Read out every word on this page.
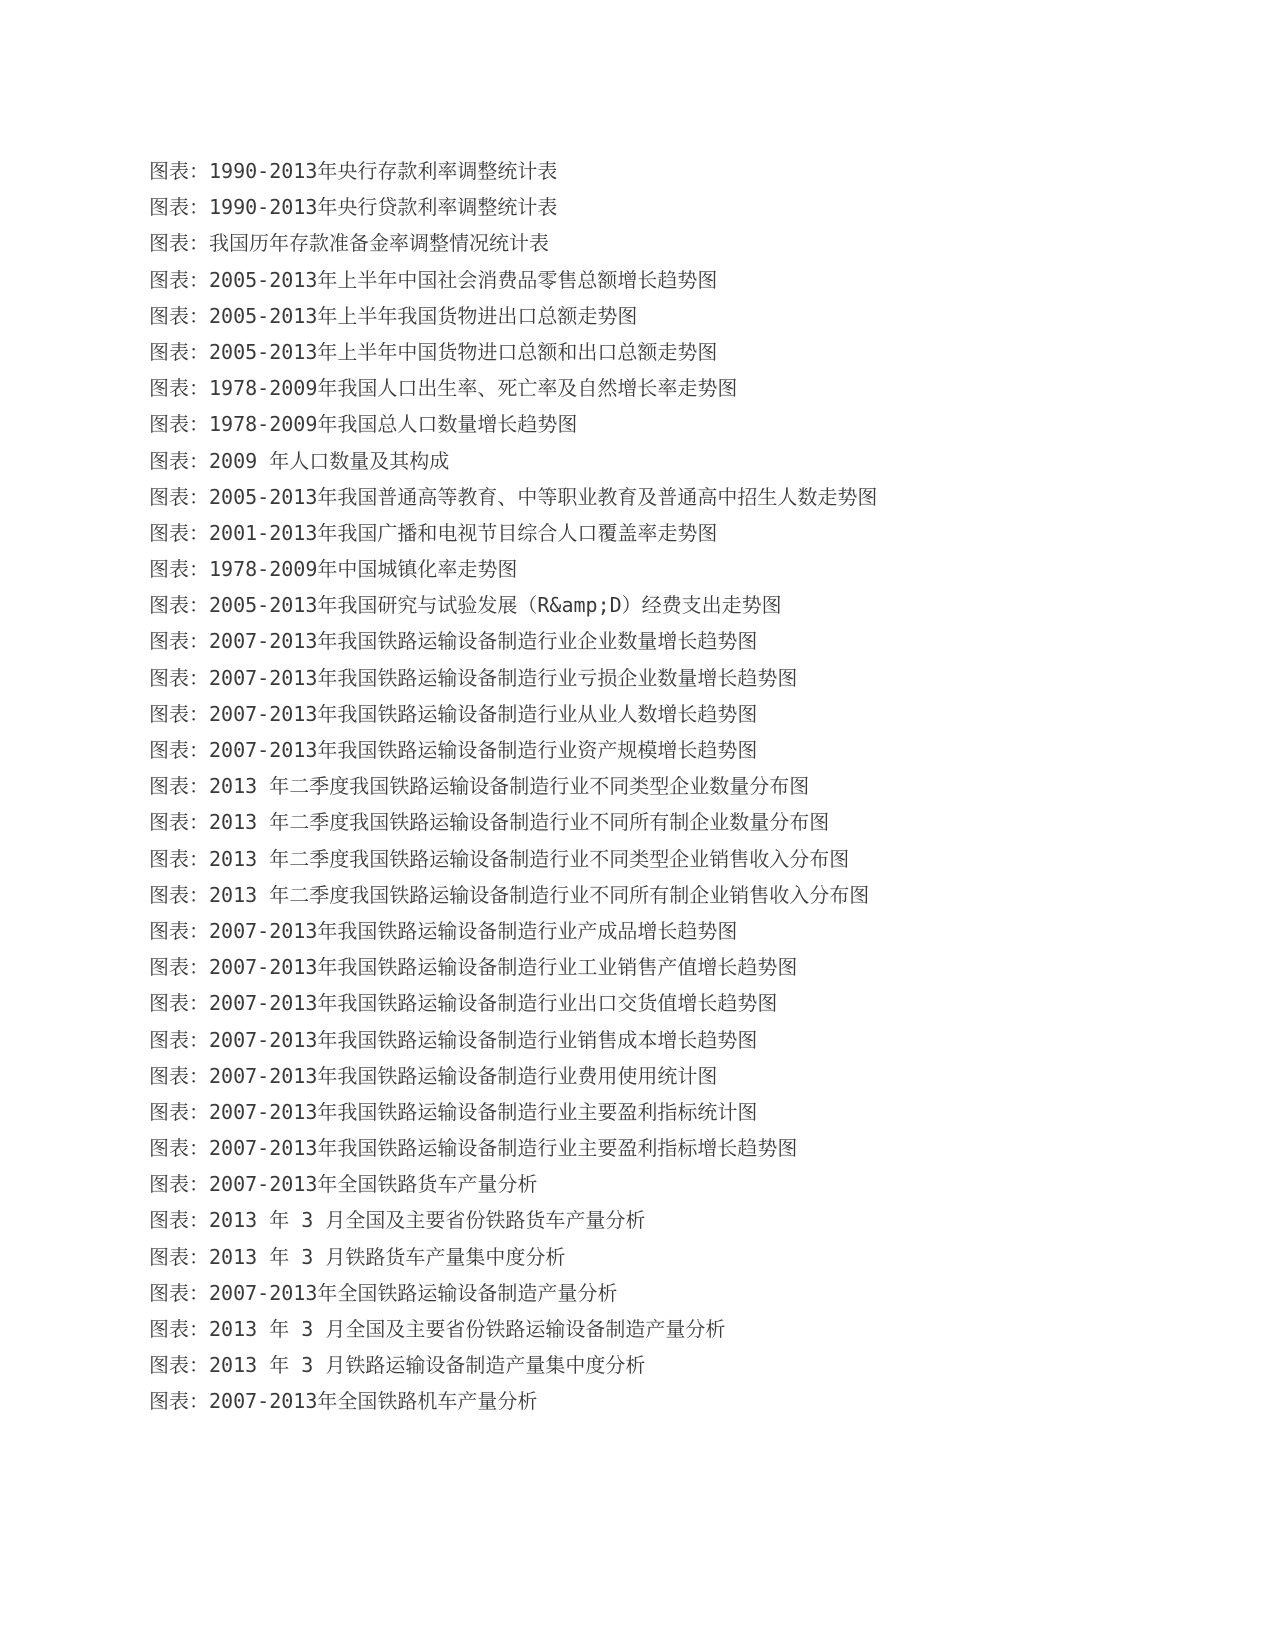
图表：1990-2013年央行存款利率调整统计表
图表：1990-2013年央行贷款利率调整统计表
图表：我国历年存款准备金率调整情况统计表
图表：2005-2013年上半年中国社会消费品零售总额增长趋势图
图表：2005-2013年上半年我国货物进出口总额走势图
图表：2005-2013年上半年中国货物进口总额和出口总额走势图
图表：1978-2009年我国人口出生率、死亡率及自然增长率走势图
图表：1978-2009年我国总人口数量增长趋势图
图表：2009 年人口数量及其构成
图表：2005-2013年我国普通高等教育、中等职业教育及普通高中招生人数走势图
图表：2001-2013年我国广播和电视节目综合人口覆盖率走势图
图表：1978-2009年中国城镇化率走势图
图表：2005-2013年我国研究与试验发展（R&amp;D）经费支出走势图
图表：2007-2013年我国铁路运输设备制造行业企业数量增长趋势图
图表：2007-2013年我国铁路运输设备制造行业亏损企业数量增长趋势图
图表：2007-2013年我国铁路运输设备制造行业从业人数增长趋势图
图表：2007-2013年我国铁路运输设备制造行业资产规模增长趋势图
图表：2013 年二季度我国铁路运输设备制造行业不同类型企业数量分布图
图表：2013 年二季度我国铁路运输设备制造行业不同所有制企业数量分布图
图表：2013 年二季度我国铁路运输设备制造行业不同类型企业销售收入分布图
图表：2013 年二季度我国铁路运输设备制造行业不同所有制企业销售收入分布图
图表：2007-2013年我国铁路运输设备制造行业产成品增长趋势图
图表：2007-2013年我国铁路运输设备制造行业工业销售产值增长趋势图
图表：2007-2013年我国铁路运输设备制造行业出口交货值增长趋势图
图表：2007-2013年我国铁路运输设备制造行业销售成本增长趋势图
图表：2007-2013年我国铁路运输设备制造行业费用使用统计图
图表：2007-2013年我国铁路运输设备制造行业主要盈利指标统计图
图表：2007-2013年我国铁路运输设备制造行业主要盈利指标增长趋势图
图表：2007-2013年全国铁路货车产量分析
图表：2013 年 3 月全国及主要省份铁路货车产量分析
图表：2013 年 3 月铁路货车产量集中度分析
图表：2007-2013年全国铁路运输设备制造产量分析
图表：2013 年 3 月全国及主要省份铁路运输设备制造产量分析
图表：2013 年 3 月铁路运输设备制造产量集中度分析
图表：2007-2013年全国铁路机车产量分析
